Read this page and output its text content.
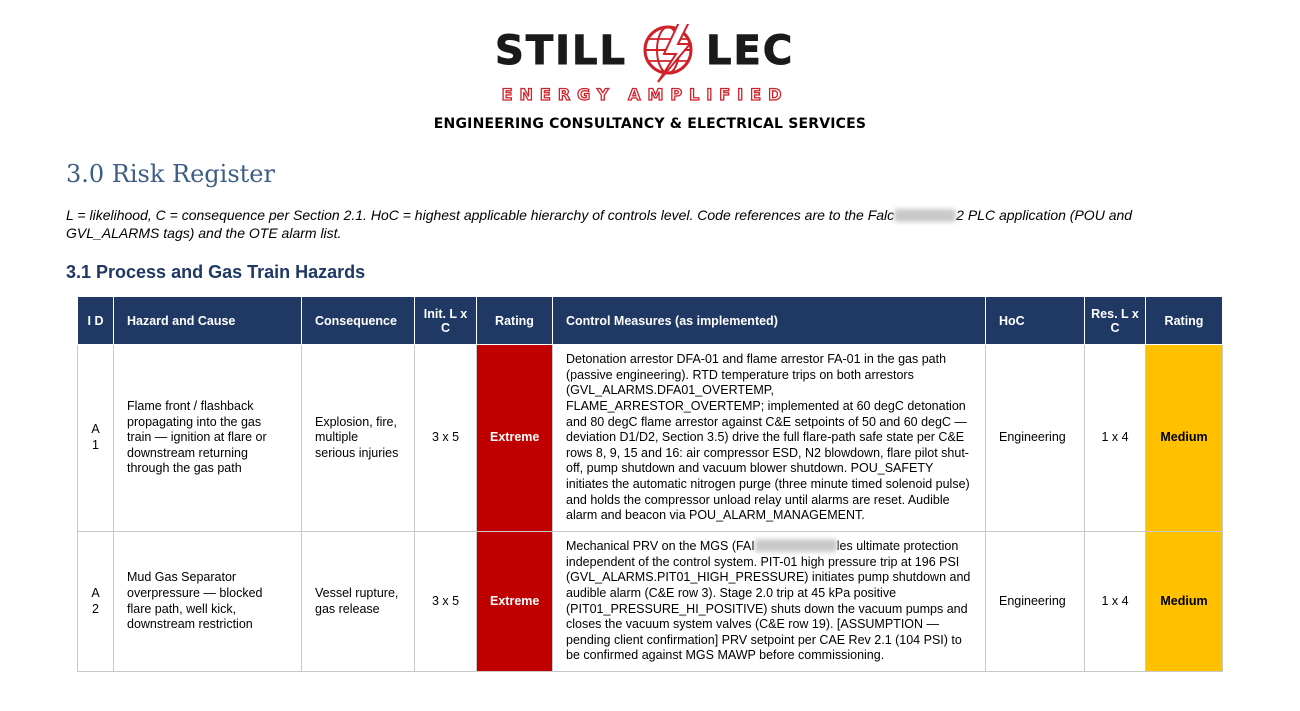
STILL LEC
ENERGY AMPLIFIED
ENGINEERING CONSULTANCY & ELECTRICAL SERVICES
3.0 Risk Register

L = likelihood, C = consequence per Section 2.1. HoC = highest applicable hierarchy of controls level. Code references are to the Falc	2 PLC application (POU and GVL_ALARMS tags) and the OTE alarm list.

3.1 Process and Gas Train Hazards
I D	Hazard and Cause	Consequence	Init. L x C	Rating	Control Measures (as implemented)	HoC	Res. L x C	Rating
A 1	Flame front / flashback propagating into the gas train — ignition at flare or downstream returning through the gas path	Explosion, fire, multiple serious injuries	3 x 5	Extreme	Detonation arrestor DFA-01 and flame arrestor FA-01 in the gas path (passive engineering). RTD temperature trips on both arrestors (GVL_ALARMS.DFA01_OVERTEMP, FLAME_ARRESTOR_OVERTEMP; implemented at 60 degC detonation and 80 degC flame arrestor against C&E setpoints of 50 and 60 degC — deviation D1/D2, Section 3.5) drive the full flare-path safe state per C&E rows 8, 9, 15 and 16: air compressor ESD, N2 blowdown, flare pilot shut-off, pump shutdown and vacuum blower shutdown. POU_SAFETY initiates the automatic nitrogen purge (three minute timed solenoid pulse) and holds the compressor unload relay until alarms are reset. Audible alarm and beacon via POU_ALARM_MANAGEMENT.	Engineering	1 x 4	Medium
A 2	Mud Gas Separator overpressure — blocked flare path, well kick, downstream restriction	Vessel rupture, gas release	3 x 5	Extreme	Mechanical PRV on the MGS (FAI les ultimate protection independent of the control system. PIT-01 high pressure trip at 196 PSI (GVL_ALARMS.PIT01_HIGH_PRESSURE) initiates pump shutdown and audible alarm (C&E row 3). Stage 2.0 trip at 45 kPa positive (PIT01_PRESSURE_HI_POSITIVE) shuts down the vacuum pumps and closes the vacuum system valves (C&E row 19). [ASSUMPTION — pending client confirmation] PRV setpoint per CAE Rev 2.1 (104 PSI) to be confirmed against MGS MAWP before commissioning.	Engineering	1 x 4	Medium
